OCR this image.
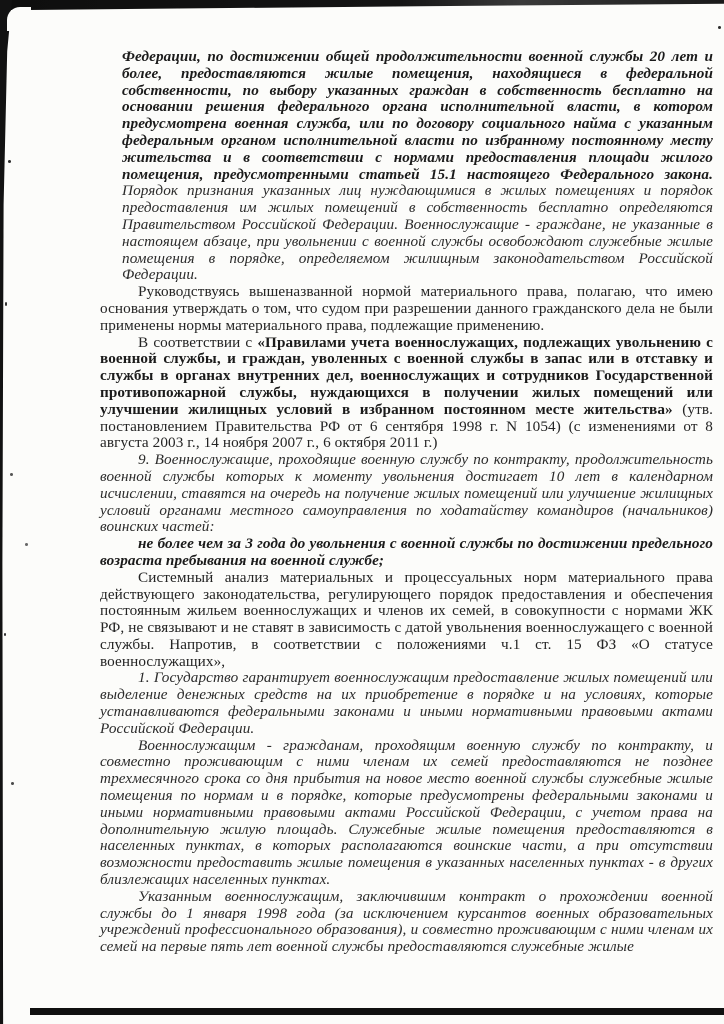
Федерации, по достижении общей продолжительности военной службы 20 лет и более, предоставляются жилые помещения, находящиеся в федеральной собственности, по выбору указанных граждан в собственность бесплатно на основании решения федерального органа исполнительной власти, в котором предусмотрена военная служба, или по договору социального найма с указанным федеральным органом исполнительной власти по избранному постоянному месту жительства и в соответствии с нормами предоставления площади жилого помещения, предусмотренными статьей 15.1 настоящего Федерального закона. Порядок признания указанных лиц нуждающимися в жилых помещениях и порядок предоставления им жилых помещений в собственность бесплатно определяются Правительством Российской Федерации. Военнослужащие - граждане, не указанные в настоящем абзаце, при увольнении с военной службы освобождают служебные жилые помещения в порядке, определяемом жилищным законодательством Российской Федерации.

Руководствуясь вышеназванной нормой материального права, полагаю, что имею основания утверждать о том, что судом при разрешении данного гражданского дела не были применены нормы материального права, подлежащие применению.

В соответствии с «Правилами учета военнослужащих, подлежащих увольнению с военной службы, и граждан, уволенных с военной службы в запас или в отставку и службы в органах внутренних дел, военнослужащих и сотрудников Государственной противопожарной службы, нуждающихся в получении жилых помещений или улучшении жилищных условий в избранном постоянном месте жительства» (утв. постановлением Правительства РФ от 6 сентября 1998 г. N 1054) (с изменениями от 8 августа 2003 г., 14 ноября 2007 г., 6 октября 2011 г.)

9. Военнослужащие, проходящие военную службу по контракту, продолжительность военной службы которых к моменту увольнения достигает 10 лет в календарном исчислении, ставятся на очередь на получение жилых помещений или улучшение жилищных условий органами местного самоуправления по ходатайству командиров (начальников) воинских частей:

не более чем за 3 года до увольнения с военной службы по достижении предельного возраста пребывания на военной службе;

Системный анализ материальных и процессуальных норм материального права действующего законодательства, регулирующего порядок предоставления и обеспечения постоянным жильем военнослужащих и членов их семей, в совокупности с нормами ЖК РФ, не связывают и не ставят в зависимость с датой увольнения военнослужащего с военной службы. Напротив, в соответствии с положениями ч.1 ст. 15 ФЗ «О статусе военнослужащих»,

1. Государство гарантирует военнослужащим предоставление жилых помещений или выделение денежных средств на их приобретение в порядке и на условиях, которые устанавливаются федеральными законами и иными нормативными правовыми актами Российской Федерации.

Военнослужащим - гражданам, проходящим военную службу по контракту, и совместно проживающим с ними членам их семей предоставляются не позднее трехмесячного срока со дня прибытия на новое место военной службы служебные жилые помещения по нормам и в порядке, которые предусмотрены федеральными законами и иными нормативными правовыми актами Российской Федерации, с учетом права на дополнительную жилую площадь. Служебные жилые помещения предоставляются в населенных пунктах, в которых располагаются воинские части, а при отсутствии возможности предоставить жилые помещения в указанных населенных пунктах - в других близлежащих населенных пунктах.

Указанным военнослужащим, заключившим контракт о прохождении военной службы до 1 января 1998 года (за исключением курсантов военных образовательных учреждений профессионального образования), и совместно проживающим с ними членам их семей на первые пять лет военной службы предоставляются служебные жилые
